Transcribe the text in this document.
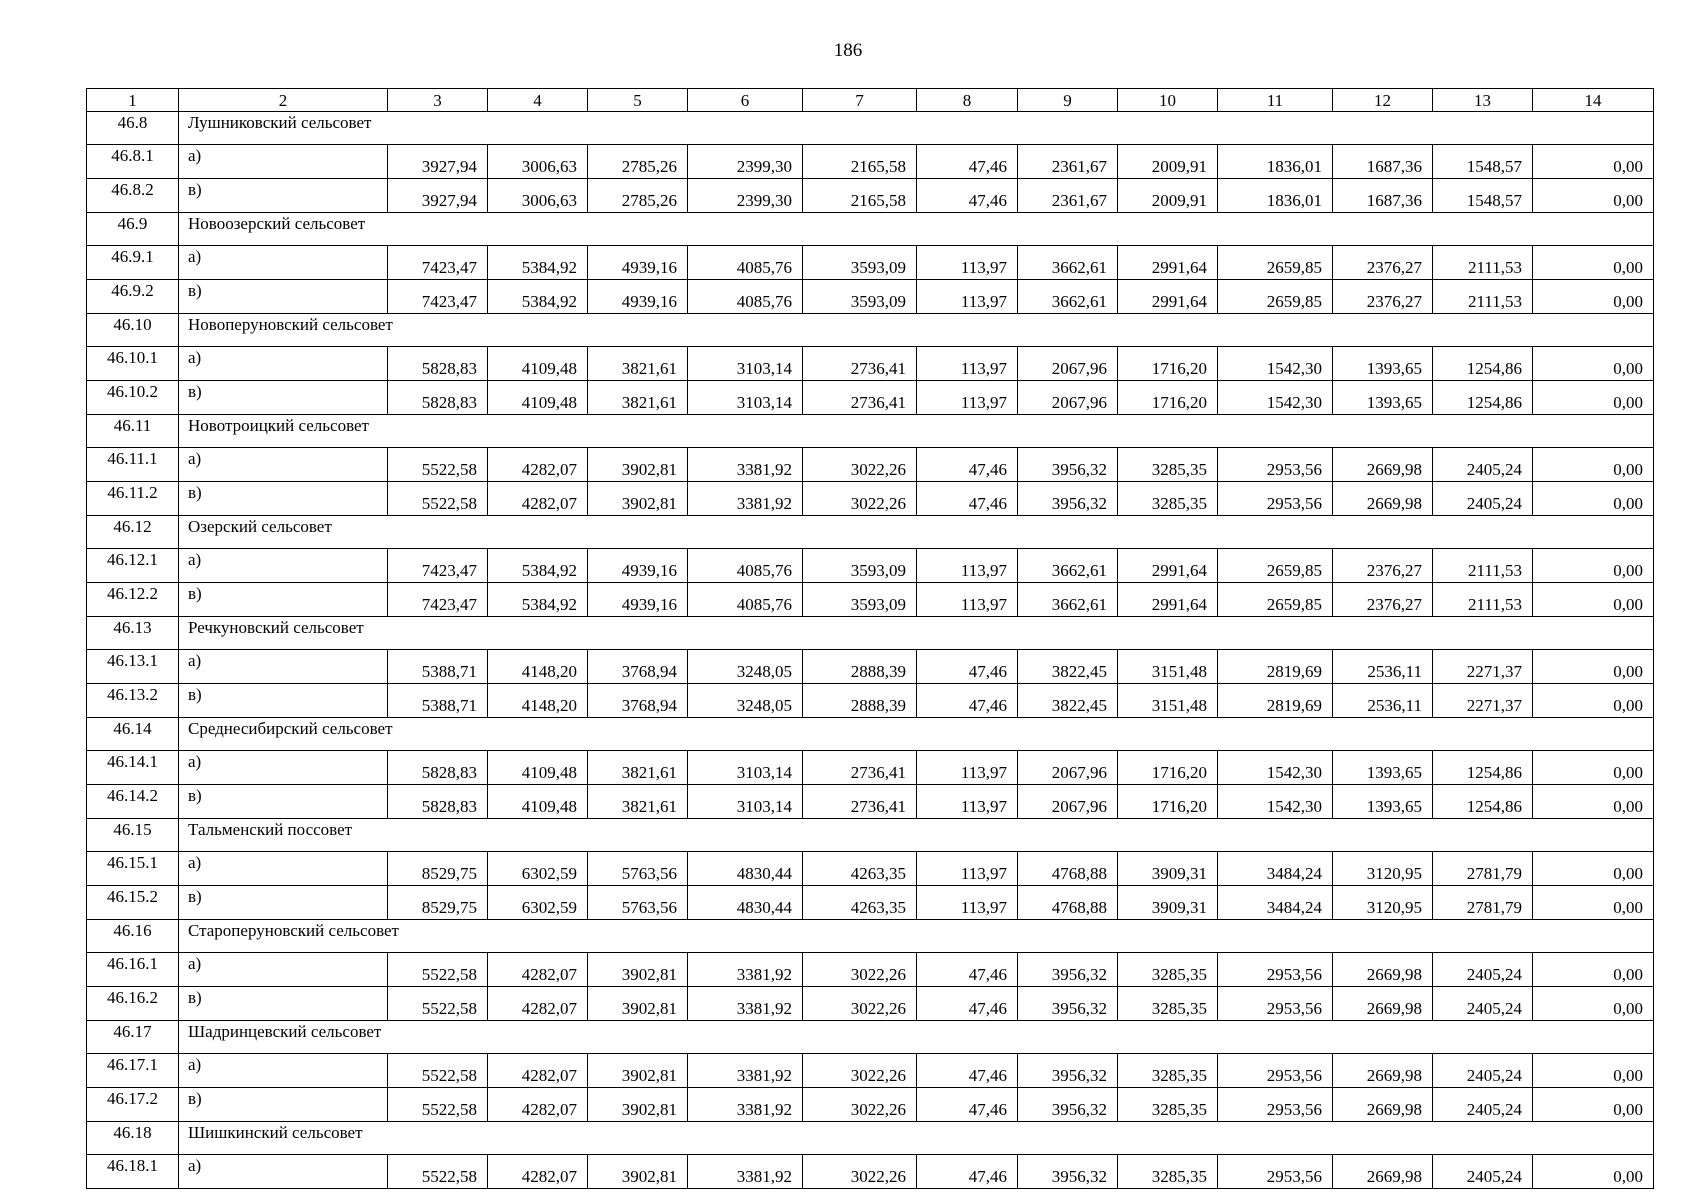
186
1	2	3	4	5	6	7	8	9	10	11	12	13	14
46.8	Лушниковский сельсовет												
46.8.1	а)	3927,94	3006,63	2785,26	2399,30	2165,58	47,46	2361,67	2009,91	1836,01	1687,36	1548,57	0,00
46.8.2	в)	3927,94	3006,63	2785,26	2399,30	2165,58	47,46	2361,67	2009,91	1836,01	1687,36	1548,57	0,00
46.9	Новоозерский сельсовет												
46.9.1	а)	7423,47	5384,92	4939,16	4085,76	3593,09	113,97	3662,61	2991,64	2659,85	2376,27	2111,53	0,00
46.9.2	в)	7423,47	5384,92	4939,16	4085,76	3593,09	113,97	3662,61	2991,64	2659,85	2376,27	2111,53	0,00
46.10	Новоперуновский сельсовет												
46.10.1	а)	5828,83	4109,48	3821,61	3103,14	2736,41	113,97	2067,96	1716,20	1542,30	1393,65	1254,86	0,00
46.10.2	в)	5828,83	4109,48	3821,61	3103,14	2736,41	113,97	2067,96	1716,20	1542,30	1393,65	1254,86	0,00
46.11	Новотроицкий сельсовет												
46.11.1	а)	5522,58	4282,07	3902,81	3381,92	3022,26	47,46	3956,32	3285,35	2953,56	2669,98	2405,24	0,00
46.11.2	в)	5522,58	4282,07	3902,81	3381,92	3022,26	47,46	3956,32	3285,35	2953,56	2669,98	2405,24	0,00
46.12	Озерский сельсовет												
46.12.1	а)	7423,47	5384,92	4939,16	4085,76	3593,09	113,97	3662,61	2991,64	2659,85	2376,27	2111,53	0,00
46.12.2	в)	7423,47	5384,92	4939,16	4085,76	3593,09	113,97	3662,61	2991,64	2659,85	2376,27	2111,53	0,00
46.13	Речкуновский сельсовет												
46.13.1	а)	5388,71	4148,20	3768,94	3248,05	2888,39	47,46	3822,45	3151,48	2819,69	2536,11	2271,37	0,00
46.13.2	в)	5388,71	4148,20	3768,94	3248,05	2888,39	47,46	3822,45	3151,48	2819,69	2536,11	2271,37	0,00
46.14	Среднесибирский сельсовет												
46.14.1	а)	5828,83	4109,48	3821,61	3103,14	2736,41	113,97	2067,96	1716,20	1542,30	1393,65	1254,86	0,00
46.14.2	в)	5828,83	4109,48	3821,61	3103,14	2736,41	113,97	2067,96	1716,20	1542,30	1393,65	1254,86	0,00
46.15	Тальменский поссовет												
46.15.1	а)	8529,75	6302,59	5763,56	4830,44	4263,35	113,97	4768,88	3909,31	3484,24	3120,95	2781,79	0,00
46.15.2	в)	8529,75	6302,59	5763,56	4830,44	4263,35	113,97	4768,88	3909,31	3484,24	3120,95	2781,79	0,00
46.16	Староперуновский сельсовет												
46.16.1	а)	5522,58	4282,07	3902,81	3381,92	3022,26	47,46	3956,32	3285,35	2953,56	2669,98	2405,24	0,00
46.16.2	в)	5522,58	4282,07	3902,81	3381,92	3022,26	47,46	3956,32	3285,35	2953,56	2669,98	2405,24	0,00
46.17	Шадринцевский сельсовет												
46.17.1	а)	5522,58	4282,07	3902,81	3381,92	3022,26	47,46	3956,32	3285,35	2953,56	2669,98	2405,24	0,00
46.17.2	в)	5522,58	4282,07	3902,81	3381,92	3022,26	47,46	3956,32	3285,35	2953,56	2669,98	2405,24	0,00
46.18	Шишкинский сельсовет												
46.18.1	а)	5522,58	4282,07	3902,81	3381,92	3022,26	47,46	3956,32	3285,35	2953,56	2669,98	2405,24	0,00
